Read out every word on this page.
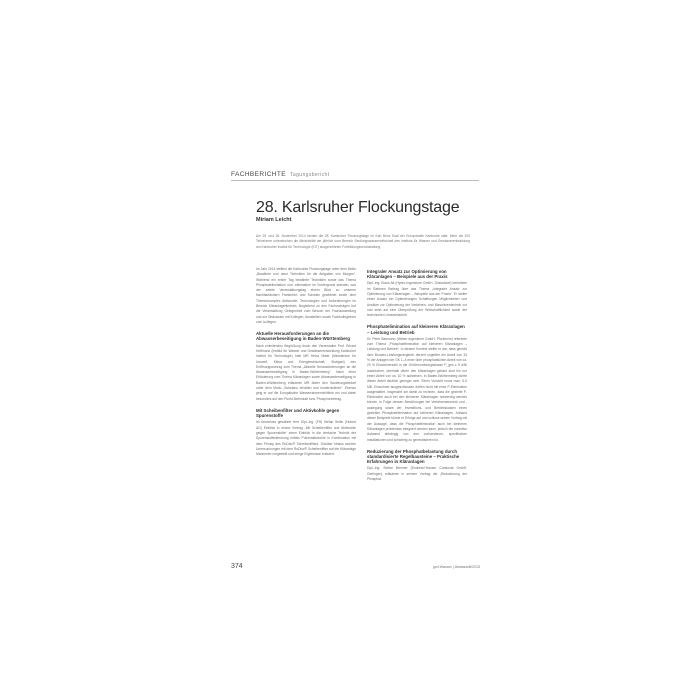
FACHBERICHTE Tagungsbericht
28. Karlsruher Flockungstage
Miriam Leicht
Am 25. und 26. November 2014 fanden die 28. Karlsruher Flockungstage im Karl Benz Saal der Europahalle Karlsruhe statt. Mehr als 200 Teilnehmer unterstrichen die Attraktivität der jährlich vom Bereich Siedlungswasserwirtschaft des Instituts für Wasser und Gewässerentwicklung am Karlsruher Institut für Technologie (KIT) ausgerichteten Fortbildungsveranstaltung.

Im Jahr 2014 stellten die Karlsruher Flockungstage unter dem Motto „Bewährte und neue Techniken für die Aufgaben von Morgen“. Während ein erster Tag bewährte Techniken sowie das Thema Phosphatelimination und -elimination im Vordergrund standen, war der zweite Veranstaltungstag einem Blick zu unseren Nachbarländern Frankreich und Schweiz gewidmet sowie dem Themenkomplex Aktivkohle. Technologien und Anforderungen im Bereich Kläranlagenbetrieb. Begleitend zu den Fachvorträgen bot die Veranstaltung Gelegenheit zum Besuch der Fachausstellung und zur Diskussion mit Kollegen, Ausstellern sowie Fachkolleginnen und -kollegen.

Aktuelle Herausforderungen an die Abwasserbeseitigung in Baden-Württemberg

Nach einleitenden Begrüßung durch den Veranstalter Prof. Erhard Hoffmann (Institut für Wasser und Gewässerentwicklung Karlsruher Institut für Technologie) hielt MR Heinz Maier (Ministerium für Umwelt, Klima und Energiewirtschaft, Stuttgart) den Eröffnungsvortrag zum Thema „Aktuelle Herausforderungen an die Abwasserbeseitigung in Baden-Württemberg“. Nach einer Erläuterung zum Thema Kläranlagen sowie Abwasserbeseitigung in Baden-Württemberg erläuterte MR Maier den Sanierungsbedarf unter dem Motto „Substanz erhalten und modernisieren“. Ebenso ging er auf die Europäische Wasserrahmenrichtlinie ein und dabei besonders auf den Punkt Mehrstufe bzw. Phosphoreintrag.

Mit Scheibenfilter und Aktivkohle gegen Spurenstoffe

Im Anschluss gewährte Herr Dipl.-Ing. (FH) Stefan Seiler (Hubert AG) Einblick in einem Vortrag „Mit Scheibenfilter und Aktivkohle gegen Spurenstoffe“ einen Einblick in die vierfache Technik der Spurenstoffentfernung mittels Pulveraktivkohle in Kombination mit dem Prinzip des RoDisc® Scheibenfilters. Darüber hinaus wurden Untersuchungen mit dem RoDisc® Scheibenfilter auf der Kläranlage Mannheim vorgestellt und einige Ergebnisse erläutert.

Integraler Ansatz zur Optimierung von Kläranlagen – Beispiele aus der Praxis

Dipl.-Ing. Klaus Alt (Hydro-Ingenieure GmbH, Düsseldorf) berichtete im Rahmen Beitrag über das Thema „Integraler Ansatz zur Optimierung von Kläranlagen – Beispiele aus der Praxis“. Er stellte einen Ansatz bei Optimierungen Schaffungen Möglichkeiten und Ansätze zur Optimierung der Verfahren- und Maschinentechnik vor und setzt auf eine Überprüfung der Wirtschaftlichkeit sowie der technischen Umsetzbarkeit.

Phosphatelimination auf kleineren Kläranlagen – Leistung und Betrieb

Dr. Peter Baumann (Weber-Ingenieure GmbH, Pforzheim) referierte zum Thema „Phosphatelimination auf kleineren Kläranlagen – Leistung und Betrieb“. In diesem Kontext stellte er dar, dass gemäß dem Bundes-Leistungsvergleich derzeit ungefähr ein Anteil von 33 % der Anlagen der GK 1–4 einer über phosphatischen Anteil von ca. 20 % Einwohnerzahl in die Größenordnungsklasse P_ges ≤ 9 a/Nl austrischen, oberhalb deren den Kläranlagen gebaut sind hin nur einen Anteil von ca. 10 % aufweisen. In Baden-Württemberg dürfte dieser Anteil deutlich geringer sein. Einen Vorsicht muss man, 6,5 Mill. Einwohner ausgeschlossen dürfen nicht mit einer P-Elimination ausgestattet. Insgesamt sei damit zu rechnen, dass die gezielte P-Elimination auch bei den kleineren Kläranlagen notwendig werden könnte, in Folge dessen Bemühungen bei Verfahrenstechnik und -auslegung sowie der Investitions- und Betriebskosten einen gezielten Phosphatelimination auf kleineren Kläranlagen. Anhand dieser Beispiele könne er Erfolge auf und schloss seinen Vortrag mit der Aussage, dass die Phosphatelimination auch bei kleineren Kläranlagen problemlos integriert werden kann, jedoch die investive Aufwand abhängig von den vorhandenen, spezifischen Installationen und schwierig zu generalisieren ist.

Reduzierung der Phosphatbelastung durch standardisierte Regelbausteine – Praktische Erfahrungen in Kläranlagen

Dipl.-Ing. Stefan Brenner (Endress+Hauser Conducta GmbH, Gerlingen) erläuterte in seinem Vortrag die „Reduzierung der Phosphat-

374	gwf-Wasser | Abwasser
3/2015
